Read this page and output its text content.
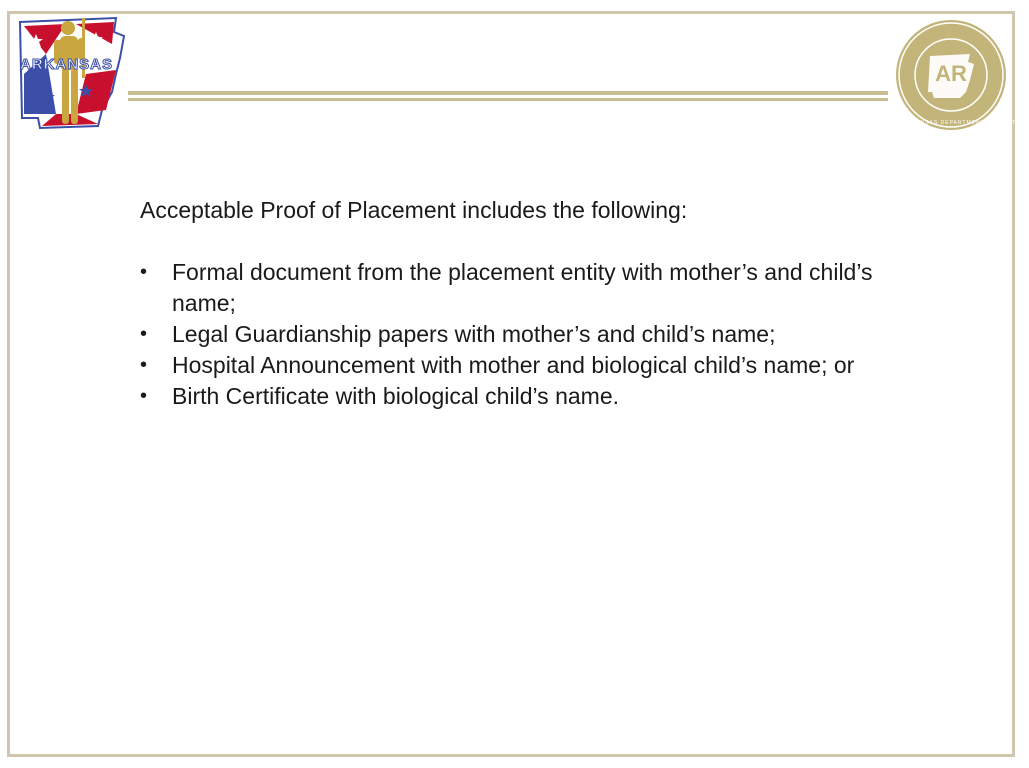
ARKANSAS	AR
ARKANSAS DEPARTMENT OF MILITARY
Acceptable Proof of Placement includes the following:
•	Formal document from the placement entity with mother’s and child’s name;
•	Legal Guardianship papers with mother’s and child’s name;
•	Hospital Announcement with mother and biological child’s name; or
•	Birth Certificate with biological child’s name.
